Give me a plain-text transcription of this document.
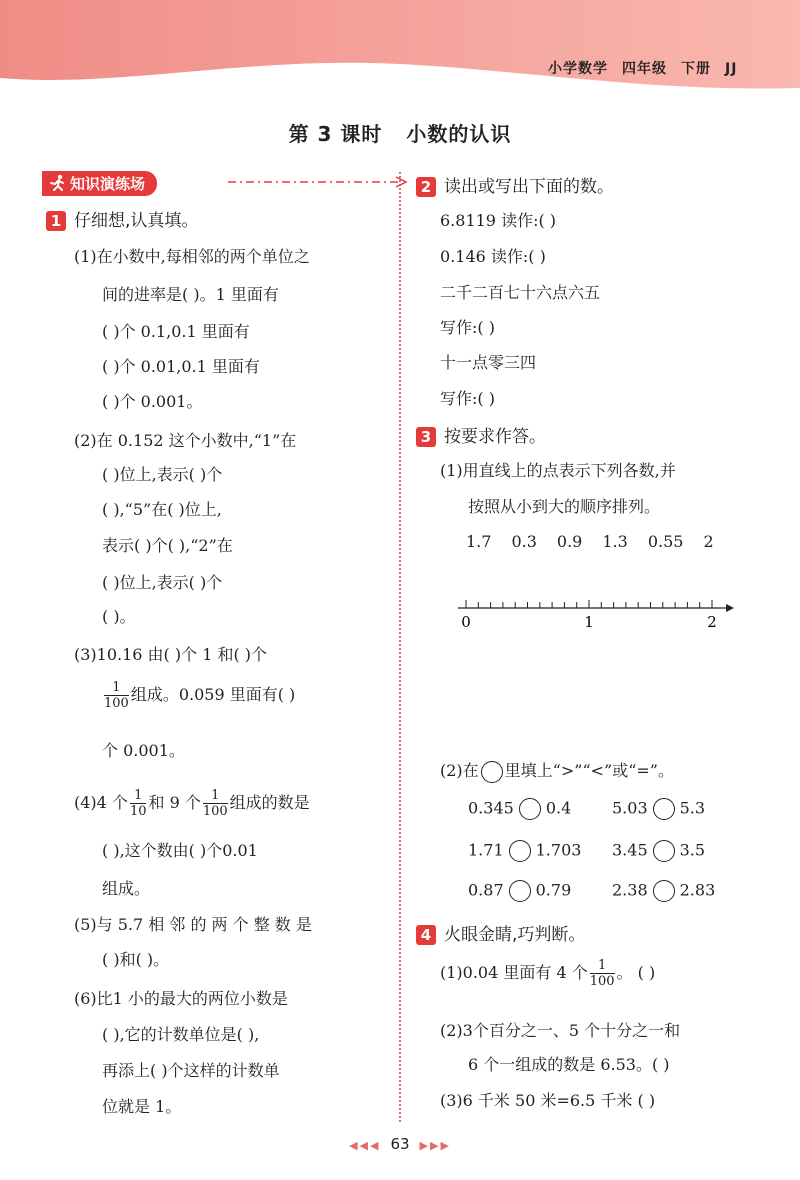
小学数学 四年级 下册 JJ
第 3 课时 小数的认识
知识演练场
1 仔细想,认真填。
(1)在小数中,每相邻的两个单位之
间的进率是( )。1 里面有
( )个 0.1,0.1 里面有
( )个 0.01,0.1 里面有
( )个 0.001。
(2)在 0.152 这个小数中,“1”在
( )位上,表示( )个
( ),“5”在( )位上,
表示( )个( ),“2”在
( )位上,表示( )个
( )。
(3)10.16 由( )个 1 和( )个
$\frac{1}{100}$ 组成。0.059 里面有( )
个 0.001。
(4)4 个 $\frac{1}{10}$ 和 9 个 $\frac{1}{100}$ 组成的数是
( ),这个数由( )个0.01
组成。
(5)与 5.7 相 邻 的 两 个 整 数 是
( )和( )。
(6)比1 小的最大的两位小数是
( ),它的计数单位是( ),
再添上( )个这样的计数单
位就是 1。
2 读出或写出下面的数。
6.8119 读作:( )
0.146 读作:( )
二千二百七十六点六五
写作:( )
十一点零三四
写作:( )
3 按要求作答。
(1)用直线上的点表示下列各数,并
按照从小到大的顺序排列。
1.7 0.3 0.9 1.3 0.55 2
0	1	2
(2)在 里填上“>”“<”或“=”。
0.345 0.4	5.03 5.3
1.71 1.703 3.45 3.5
0.87 0.79	2.38 2.83
4 火眼金睛,巧判断。
(1)0.04 里面有 4 个 $\frac{1}{100}$ 。 ( )
(2)3个百分之一、5 个十分之一和
6 个一组成的数是 6.53。( )
(3)6 千米 50 米=6.5 千米 ( )
◀◀◀ 63 ▶▶▶
